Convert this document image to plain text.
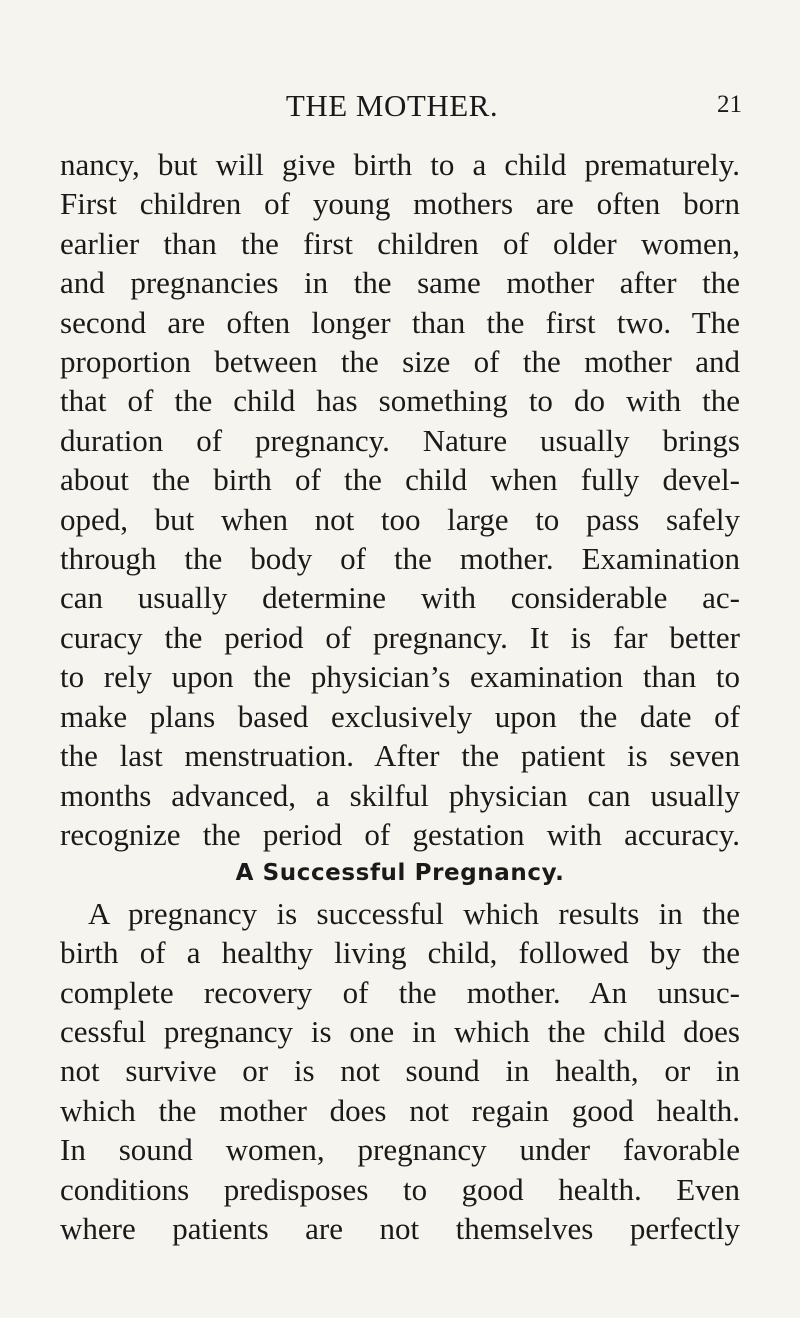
THE MOTHER.	21
nancy, but will give birth to a child prematurely.
First children of young mothers are often born
earlier than the first children of older women,
and pregnancies in the same mother after the
second are often longer than the first two. The
proportion between the size of the mother and
that of the child has something to do with the
duration of pregnancy. Nature usually brings
about the birth of the child when fully devel-
oped, but when not too large to pass safely
through the body of the mother. Examination
can usually determine with considerable ac-
curacy the period of pregnancy. It is far better
to rely upon the physician’s examination than to
make plans based exclusively upon the date of
the last menstruation. After the patient is seven
months advanced, a skilful physician can usually
recognize the period of gestation with accuracy.
A Successful Pregnancy.
A pregnancy is successful which results in the
birth of a healthy living child, followed by the
complete recovery of the mother. An unsuc-
cessful pregnancy is one in which the child does
not survive or is not sound in health, or in
which the mother does not regain good health.
In sound women, pregnancy under favorable
conditions predisposes to good health. Even
where patients are not themselves perfectly
